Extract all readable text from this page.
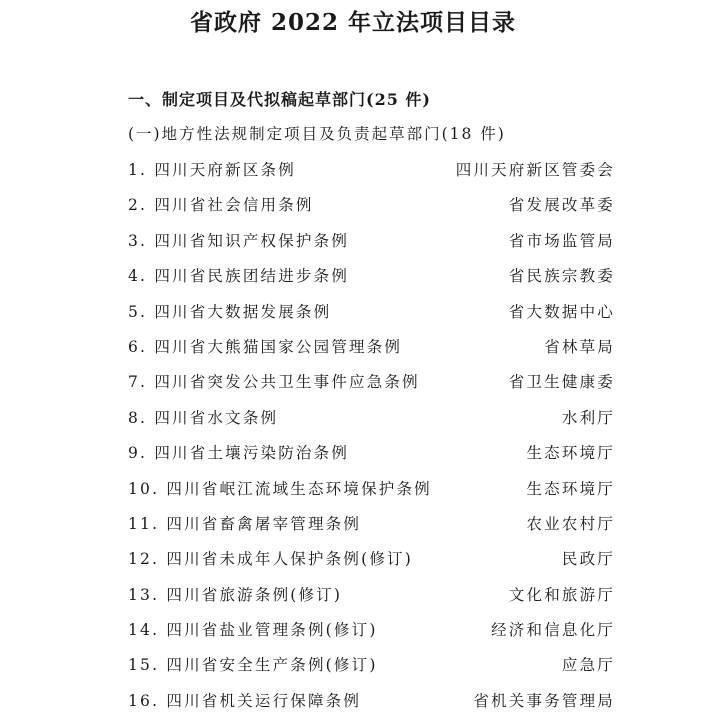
省政府 2022 年立法项目目录
一、制定项目及代拟稿起草部门(25 件)
(一)地方性法规制定项目及负责起草部门(18 件)
1. 四川天府新区条例	四川天府新区管委会
2. 四川省社会信用条例	省发展改革委
3. 四川省知识产权保护条例	省市场监管局
4. 四川省民族团结进步条例	省民族宗教委
5. 四川省大数据发展条例	省大数据中心
6. 四川省大熊猫国家公园管理条例	省林草局
7. 四川省突发公共卫生事件应急条例	省卫生健康委
8. 四川省水文条例	水利厅
9. 四川省土壤污染防治条例	生态环境厅
10. 四川省岷江流域生态环境保护条例	生态环境厅
11. 四川省畜禽屠宰管理条例	农业农村厅
12. 四川省未成年人保护条例(修订)	民政厅
13. 四川省旅游条例(修订)	文化和旅游厅
14. 四川省盐业管理条例(修订)	经济和信息化厅
15. 四川省安全生产条例(修订)	应急厅
16. 四川省机关运行保障条例	省机关事务管理局
